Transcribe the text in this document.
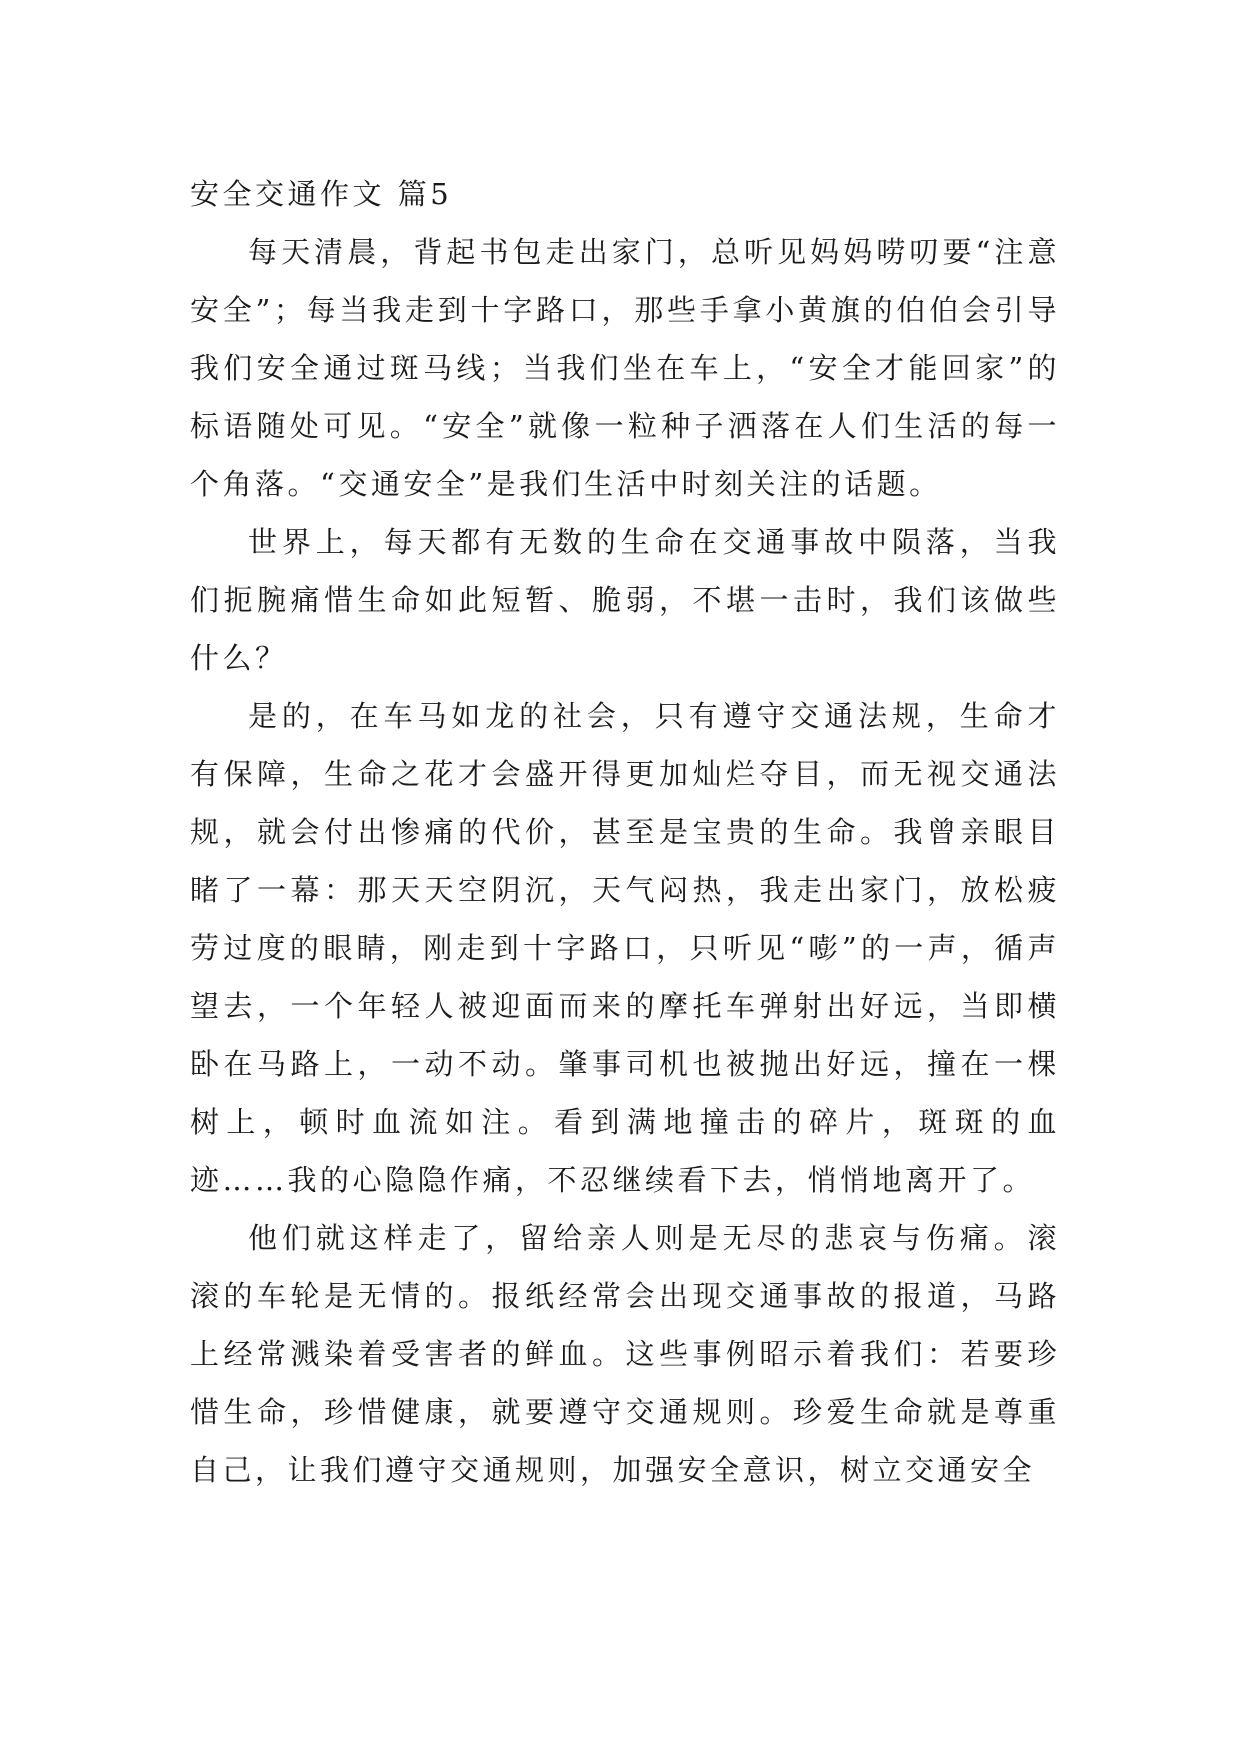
安全交通作文 篇5

每天清晨，背起书包走出家门，总听见妈妈唠叨要“注意安全”；每当我走到十字路口，那些手拿小黄旗的伯伯会引导我们安全通过斑马线；当我们坐在车上，“安全才能回家”的标语随处可见。“安全”就像一粒种子洒落在人们生活的每一个角落。“交通安全”是我们生活中时刻关注的话题。

世界上，每天都有无数的生命在交通事故中陨落，当我们扼腕痛惜生命如此短暂、脆弱，不堪一击时，我们该做些什么？

是的，在车马如龙的社会，只有遵守交通法规，生命才有保障，生命之花才会盛开得更加灿烂夺目，而无视交通法规，就会付出惨痛的代价，甚至是宝贵的生命。我曾亲眼目睹了一幕：那天天空阴沉，天气闷热，我走出家门，放松疲劳过度的眼睛，刚走到十字路口，只听见“嘭”的一声，循声望去，一个年轻人被迎面而来的摩托车弹射出好远，当即横卧在马路上，一动不动。肇事司机也被抛出好远，撞在一棵树上，顿时血流如注。看到满地撞击的碎片，斑斑的血迹……我的心隐隐作痛，不忍继续看下去，悄悄地离开了。

他们就这样走了，留给亲人则是无尽的悲哀与伤痛。滚滚的车轮是无情的。报纸经常会出现交通事故的报道，马路上经常溅染着受害者的鲜血。这些事例昭示着我们：若要珍惜生命，珍惜健康，就要遵守交通规则。珍爱生命就是尊重自己，让我们遵守交通规则，加强安全意识，树立交通安全
